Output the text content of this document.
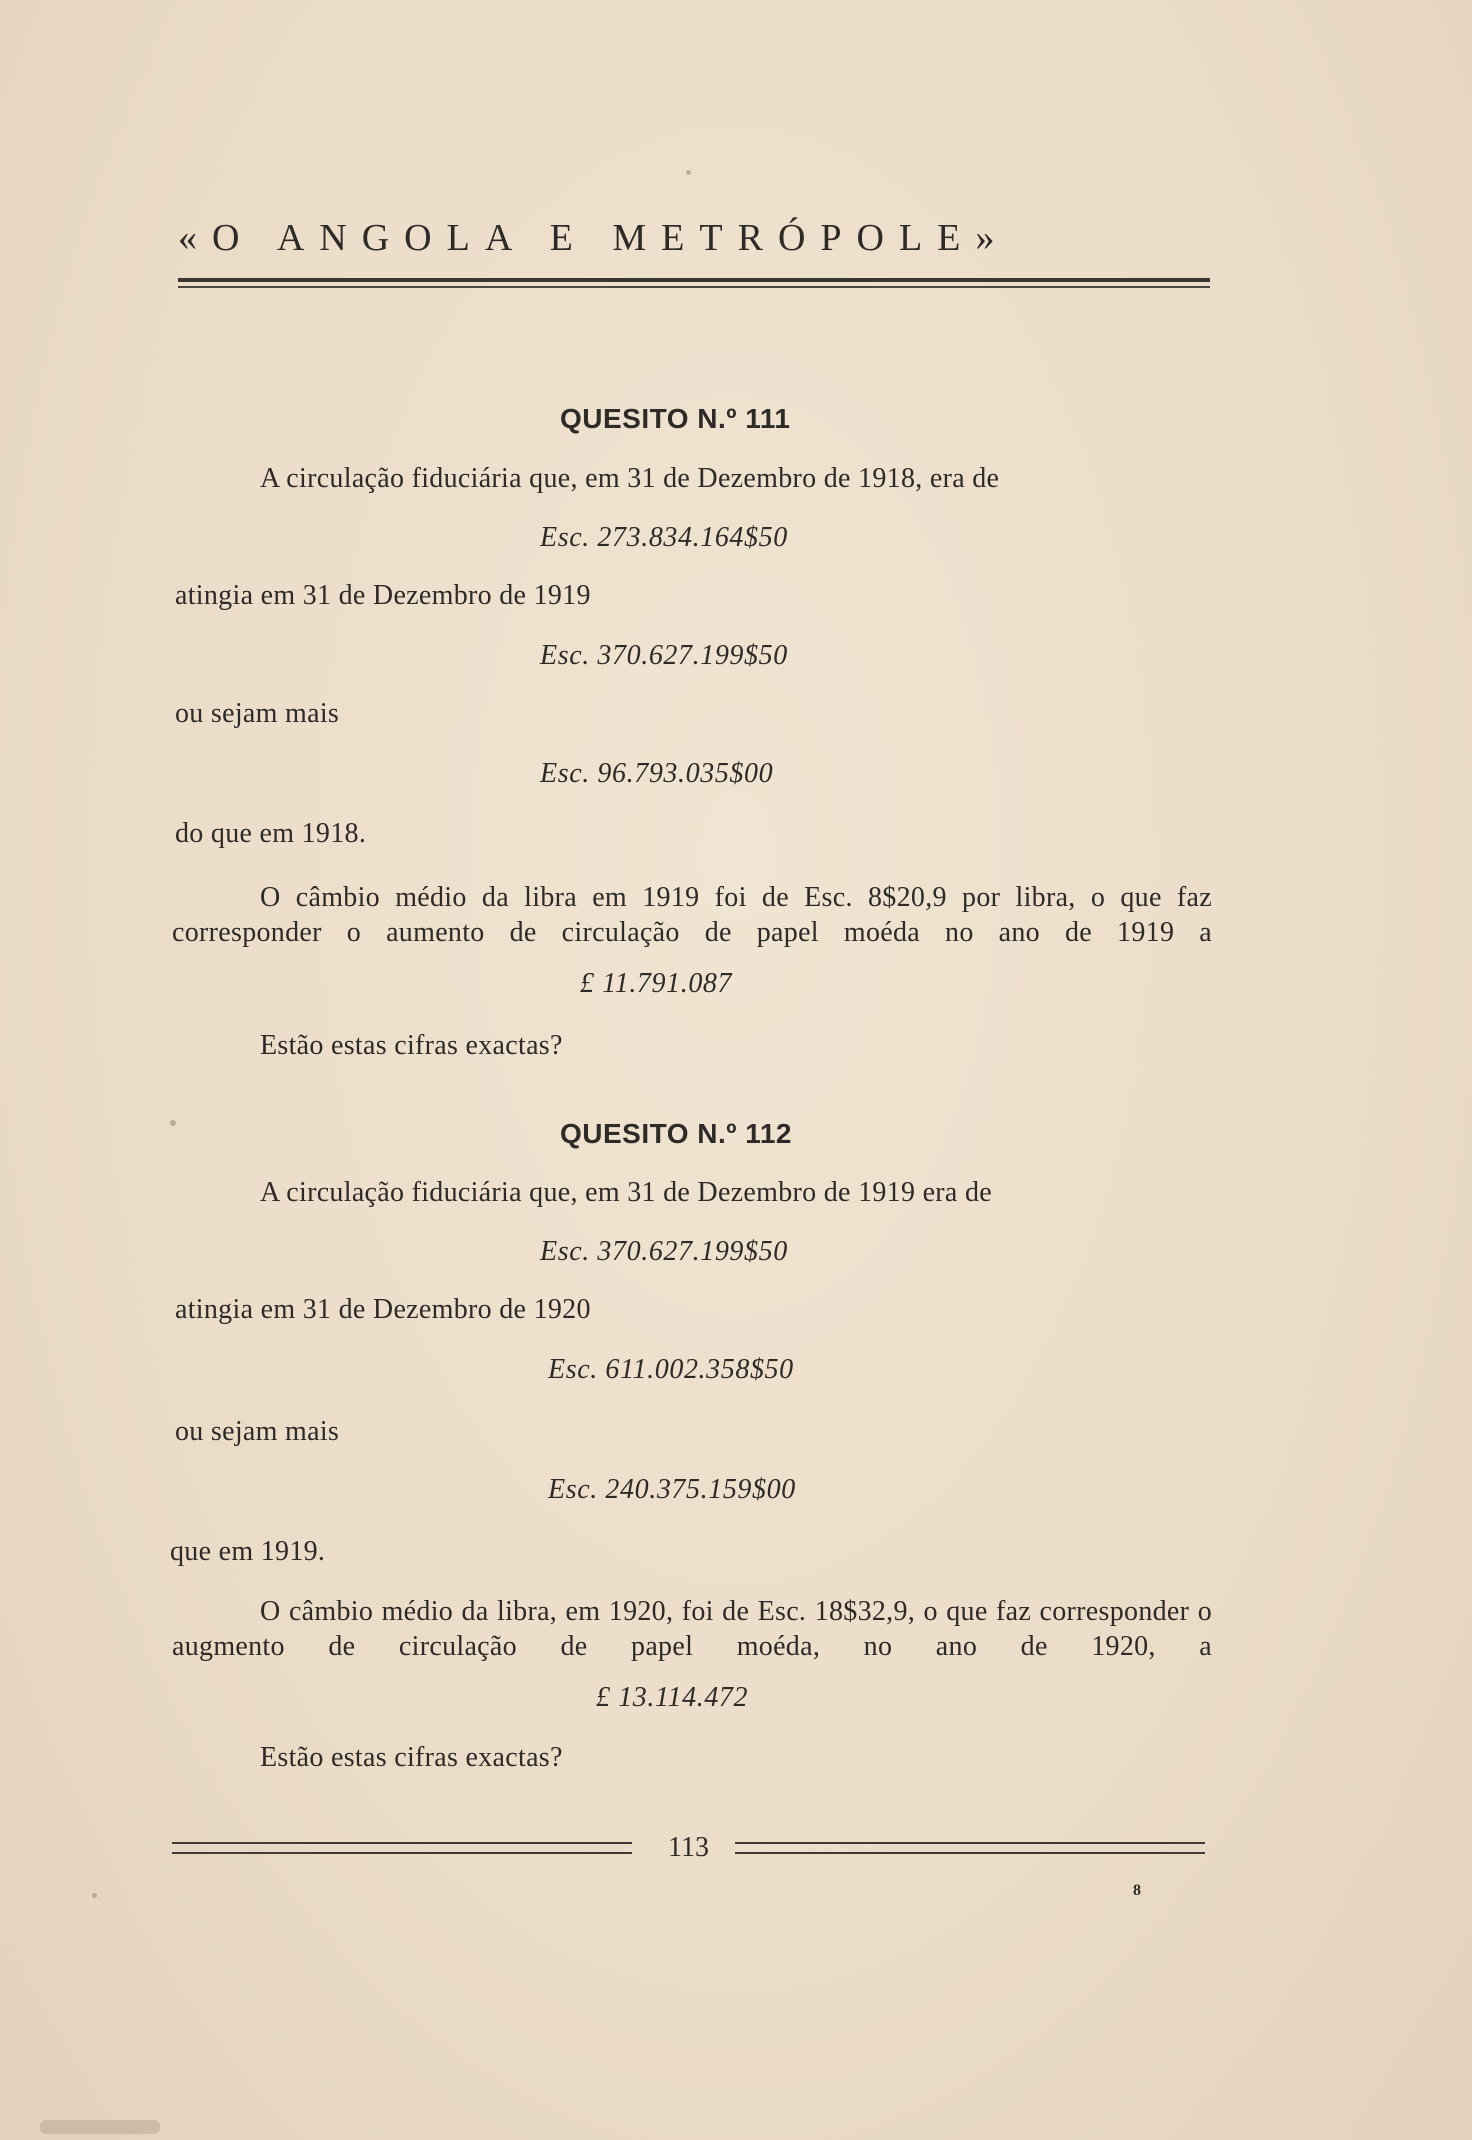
«O ANGOLA E METRÓPOLE»
QUESITO N.º 111
A circulação fiduciária que, em 31 de Dezembro de 1918, era de
Esc. 273.834.164$50
atingia em 31 de Dezembro de 1919
Esc. 370.627.199$50
ou sejam mais
Esc. 96.793.035$00
do que em 1918.
O câmbio médio da libra em 1919 foi de Esc. 8$20,9 por libra, o que faz corresponder o aumento de circulação de papel moéda no ano de 1919 a
£ 11.791.087
Estão estas cifras exactas?
QUESITO N.º 112
A circulação fiduciária que, em 31 de Dezembro de 1919 era de
Esc. 370.627.199$50
atingia em 31 de Dezembro de 1920
Esc. 611.002.358$50
ou sejam mais
Esc. 240.375.159$00
que em 1919.
O câmbio médio da libra, em 1920, foi de Esc. 18$32,9, o que faz corresponder o augmento de circulação de papel moéda, no ano de 1920, a
£ 13.114.472
Estão estas cifras exactas?
113
8
